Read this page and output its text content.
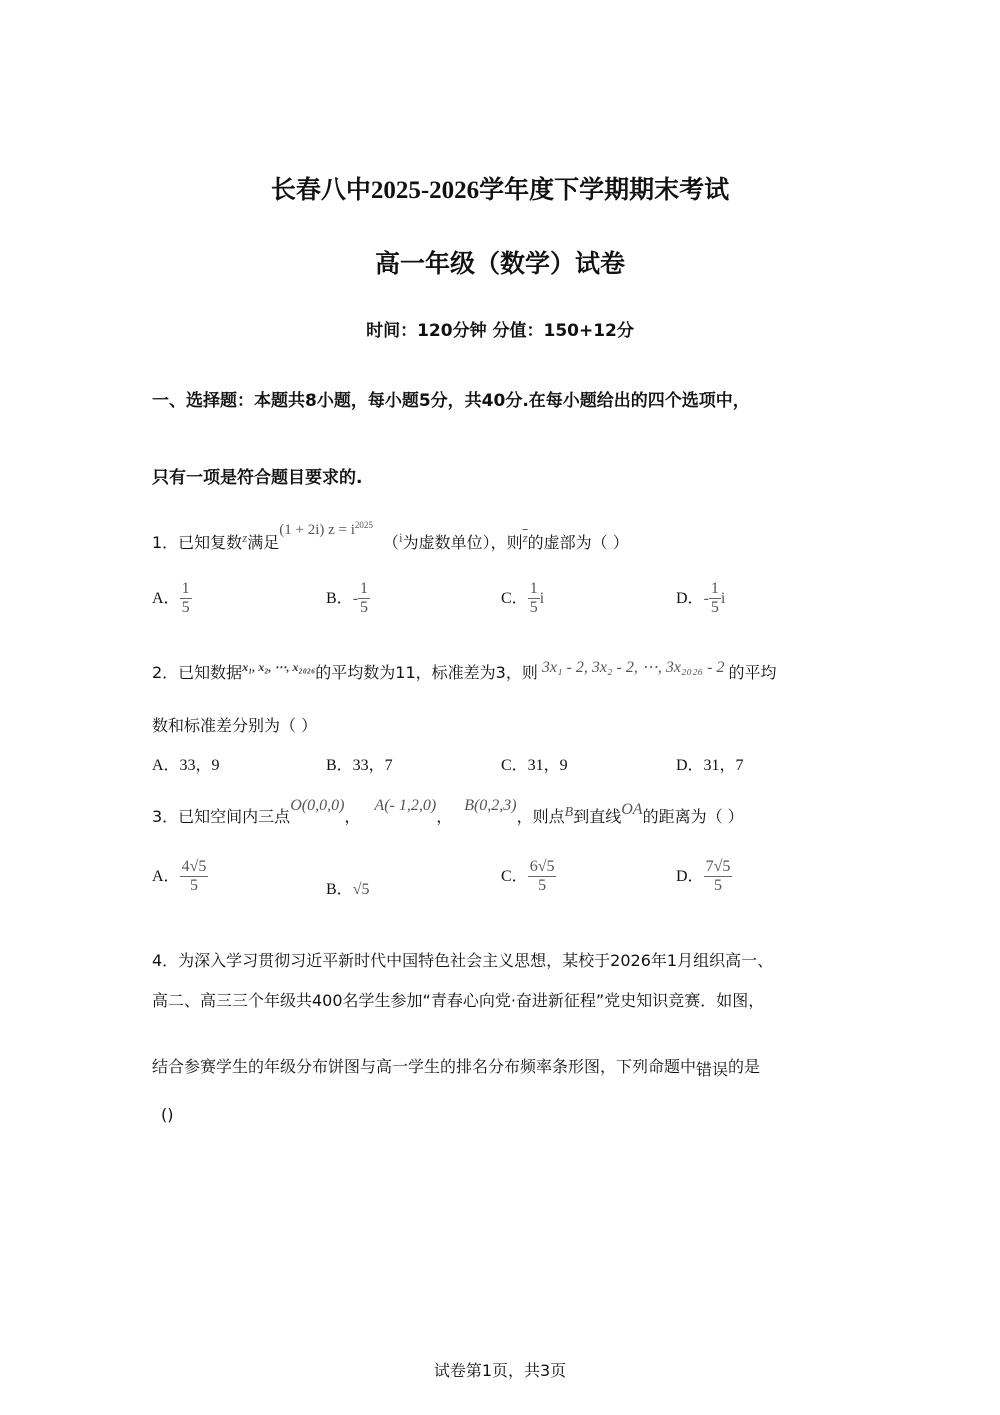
长春八中2025-2026学年度下学期期末考试
高一年级（数学）试卷
时间：120分钟 分值：150+12分
一、选择题：本题共8小题，每小题5分，共40分.在每小题给出的四个选项中，
只有一项是符合题目要求的.
1．已知复数$^z$满足(1 + 2i) $z = i^{2025}(^i$为虚数单位），则$^{\overline{z}}$的虚部为（ ）
A． $\frac{1}{5}$	B．- $\frac{1}{5}$	C． $\frac{1}{5}$ i	D．- $\frac{1}{5}$ i
2．已知数据$^{x_1, x_2, \cdots, x_{2026}}$的平均数为11，标准差为3，则 3x₁ - 2, 3x₂ - 2, ⋯, 3x₂₀₂₆ - 2 的平均
数和标准差分别为（ ）
A．33，9	B．33，7	C．31，9	D．31，7
3．已知空间内三点O(0,0,0)，A(- 1,2,0)，B(0,2,3)，则点B到直线OA的距离为（ ）
A． $\frac{4√5}{5}$	B．√5
C． $\frac{6√5}{5}$	D． $\frac{7√5}{5}$
4．为深入学习贯彻习近平新时代中国特色社会主义思想，某校于2026年1月组织高一、
高二、高三三个年级共400名学生参加“青春心向党·奋进新征程”党史知识竞赛．如图，
结合参赛学生的年级分布饼图与高一学生的排名分布频率条形图，下列命题中错误的是
()
试卷第1页，共3页
